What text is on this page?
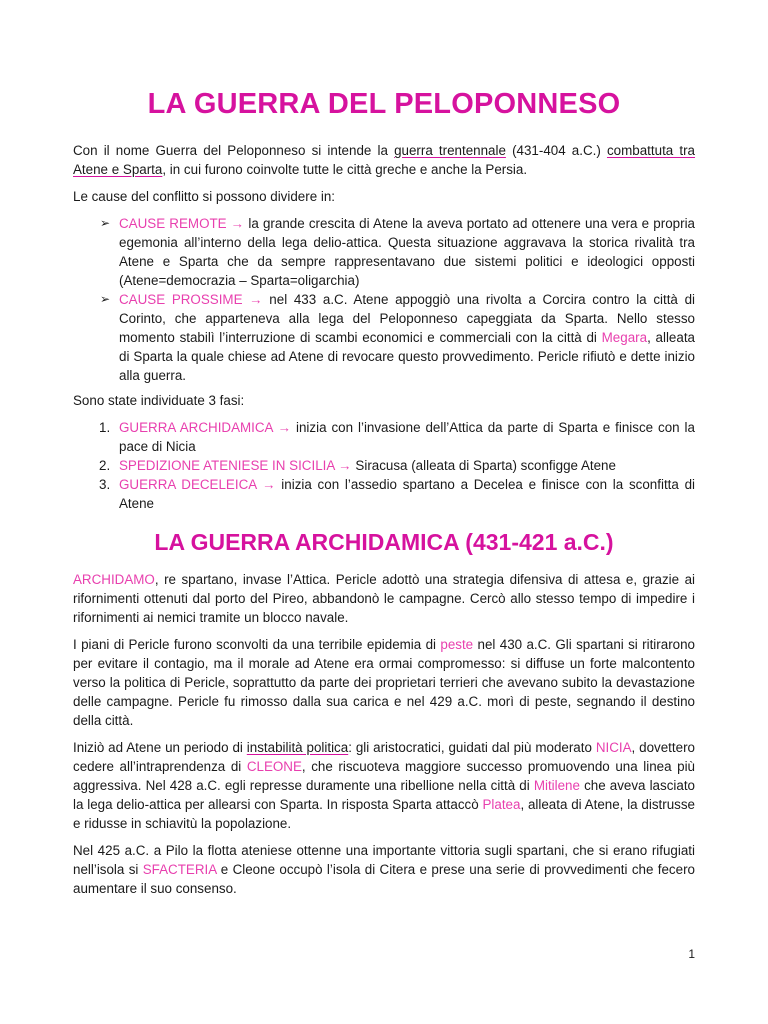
LA GUERRA DEL PELOPONNESO

Con il nome Guerra del Peloponneso si intende la guerra trentennale (431-404 a.C.) combattuta tra Atene e Sparta, in cui furono coinvolte tutte le città greche e anche la Persia.

Le cause del conflitto si possono dividere in:

➢ CAUSE REMOTE → la grande crescita di Atene la aveva portato ad ottenere una vera e propria egemonia all’interno della lega delio-attica. Questa situazione aggravava la storica rivalità tra Atene e Sparta che da sempre rappresentavano due sistemi politici e ideologici opposti (Atene=democrazia – Sparta=oligarchia)
➢ CAUSE PROSSIME → nel 433 a.C. Atene appoggiò una rivolta a Corcira contro la città di Corinto, che apparteneva alla lega del Peloponneso capeggiata da Sparta. Nello stesso momento stabilì l’interruzione di scambi economici e commerciali con la città di Megara, alleata di Sparta la quale chiese ad Atene di revocare questo provvedimento. Pericle rifiutò e dette inizio alla guerra.

Sono state individuate 3 fasi:

1. GUERRA ARCHIDAMICA → inizia con l’invasione dell’Attica da parte di Sparta e finisce con la pace di Nicia
2. SPEDIZIONE ATENIESE IN SICILIA → Siracusa (alleata di Sparta) sconfigge Atene
3. GUERRA DECELEICA → inizia con l’assedio spartano a Decelea e finisce con la sconfitta di Atene
LA GUERRA ARCHIDAMICA (431-421 a.C.)

ARCHIDAMO, re spartano, invase l’Attica. Pericle adottò una strategia difensiva di attesa e, grazie ai rifornimenti ottenuti dal porto del Pireo, abbandonò le campagne. Cercò allo stesso tempo di impedire i rifornimenti ai nemici tramite un blocco navale.

I piani di Pericle furono sconvolti da una terribile epidemia di peste nel 430 a.C. Gli spartani si ritirarono per evitare il contagio, ma il morale ad Atene era ormai compromesso: si diffuse un forte malcontento verso la politica di Pericle, soprattutto da parte dei proprietari terrieri che avevano subito la devastazione delle campagne. Pericle fu rimosso dalla sua carica e nel 429 a.C. morì di peste, segnando il destino della città.

Iniziò ad Atene un periodo di instabilità politica: gli aristocratici, guidati dal più moderato NICIA, dovettero cedere all’intraprendenza di CLEONE, che riscuoteva maggiore successo promuovendo una linea più aggressiva. Nel 428 a.C. egli represse duramente una ribellione nella città di Mitilene che aveva lasciato la lega delio-attica per allearsi con Sparta. In risposta Sparta attaccò Platea, alleata di Atene, la distrusse e ridusse in schiavitù la popolazione.

Nel 425 a.C. a Pilo la flotta ateniese ottenne una importante vittoria sugli spartani, che si erano rifugiati nell’isola si SFACTERIA e Cleone occupò l’isola di Citera e prese una serie di provvedimenti che fecero aumentare il suo consenso.

1
